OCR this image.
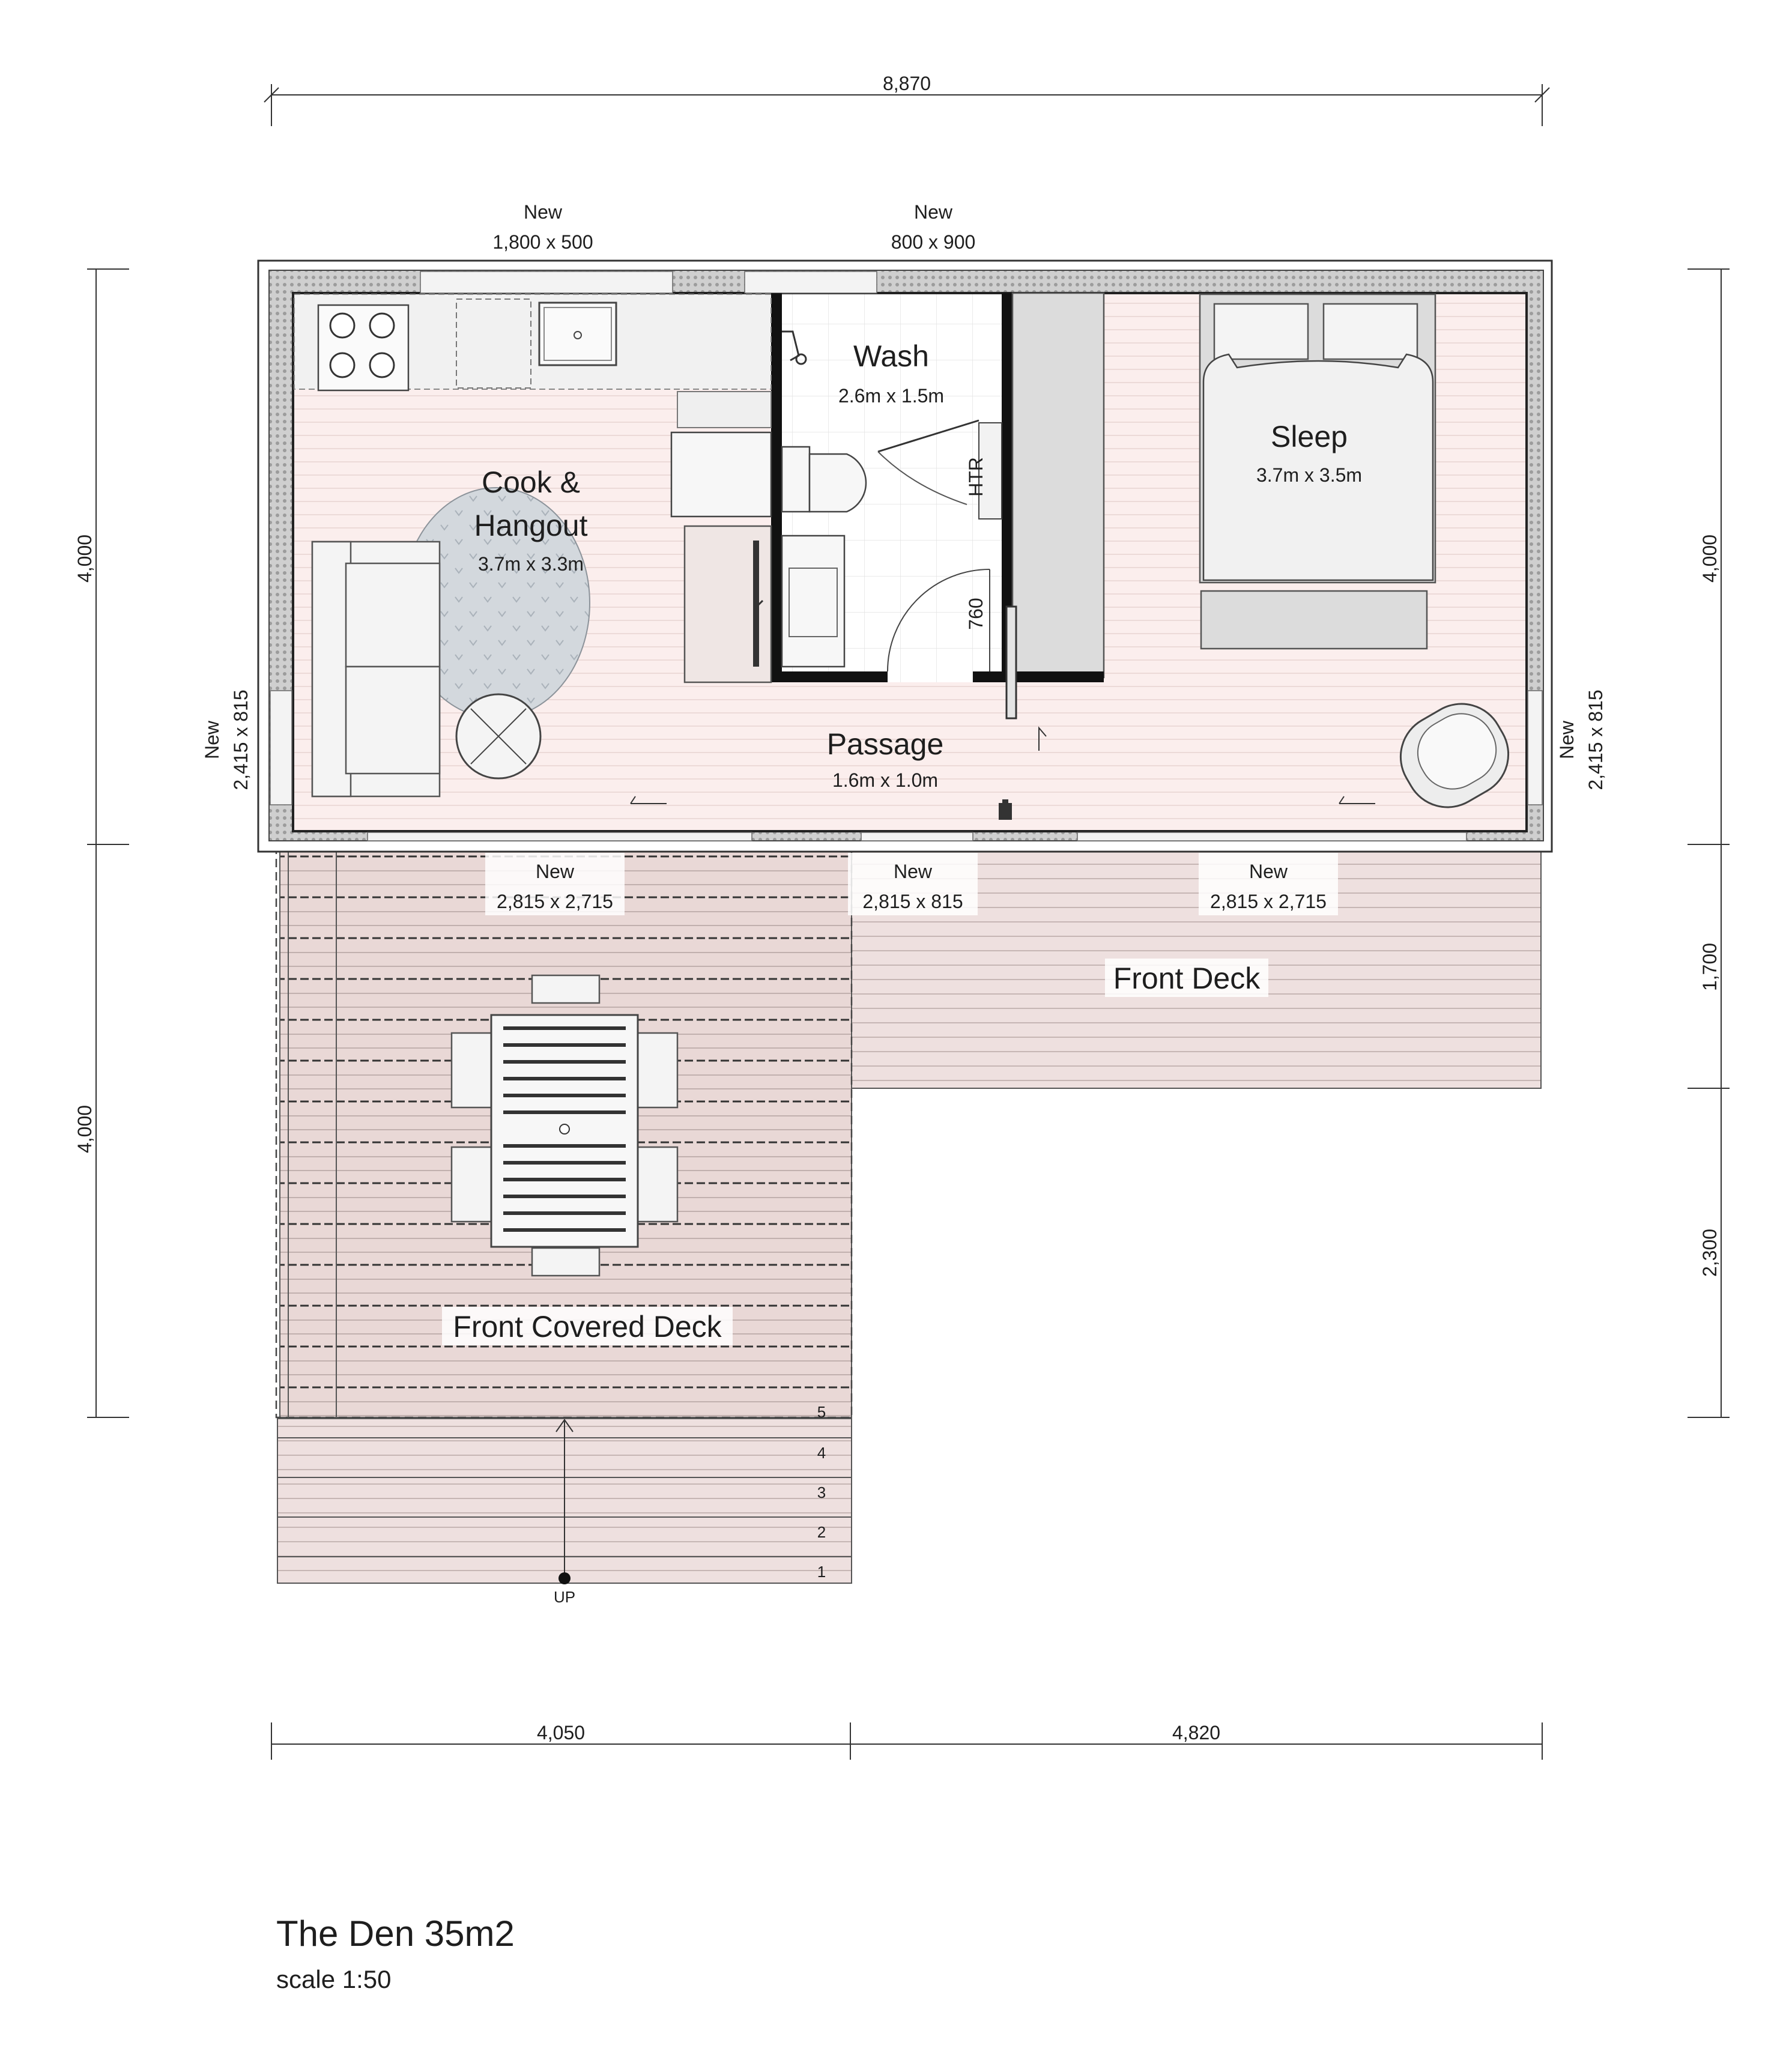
8,870
4,000
4,000
4,000
1,700
2,300
4,050	4,820
5
4
3
2
1
UP
HTR
760
Cook &
Hangout
3.7m x 3.3m
Wash
2.6m x 1.5m
Sleep
3.7m x 3.5m
Passage
1.6m x 1.0m
Front Deck
Front Covered Deck
New
1,800 x 500
New
800 x 900
New 2,415 x 815	New 2,415 x 815
New
2,815 x 2,715
New
2,815 x 815
New
2,815 x 2,715
The Den 35m2
scale 1:50
